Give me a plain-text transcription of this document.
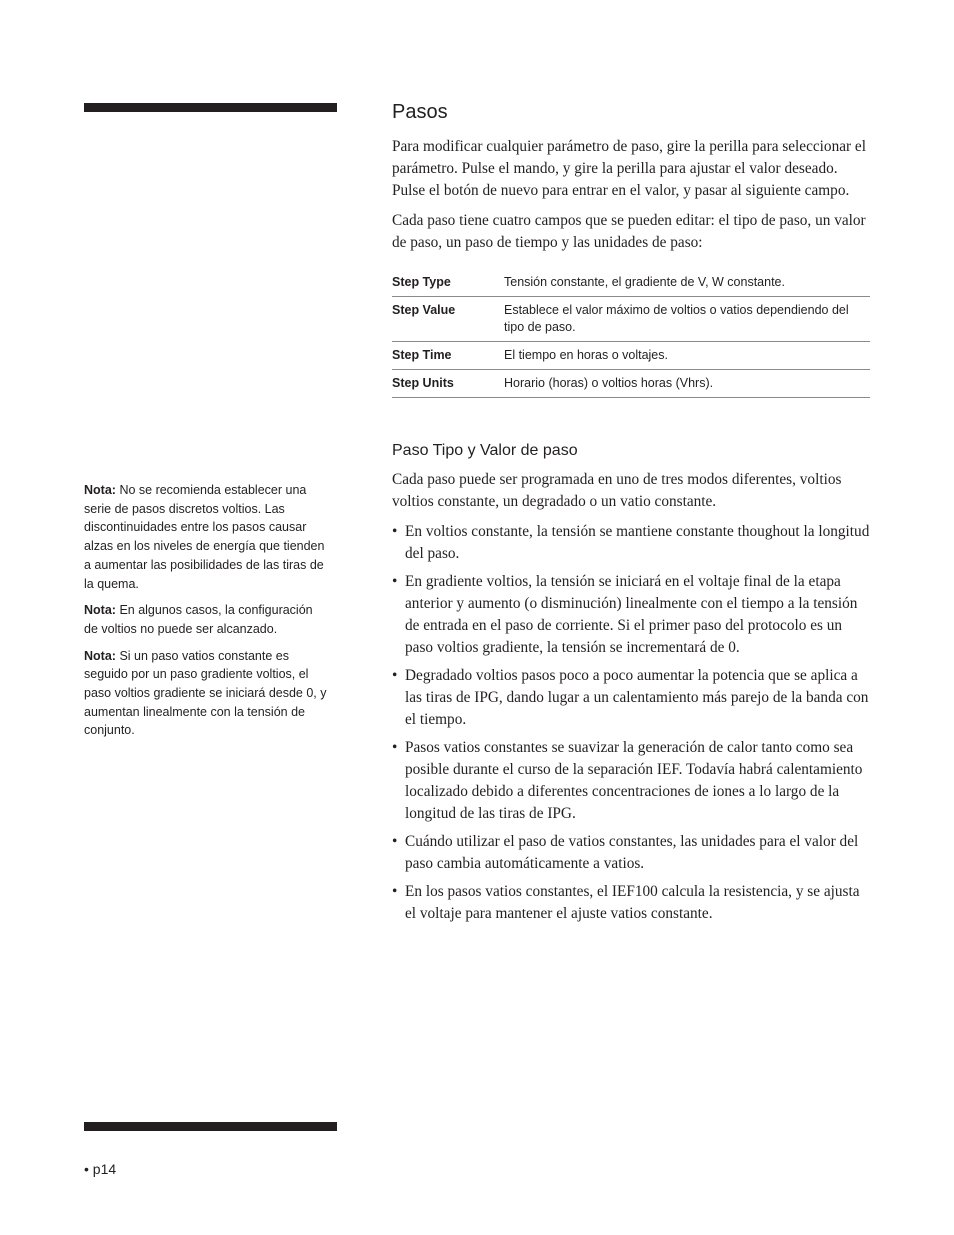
Nota: No se recomienda establecer una serie de pasos discretos voltios. Las discontinuidades entre los pasos causar alzas en los niveles de energía que tienden a aumentar las posibilidades de las tiras de la quema.

Nota: En algunos casos, la configuración de voltios no puede ser alcanzado.

Nota: Si un paso vatios constante es seguido por un paso gradiente voltios, el paso voltios gradiente se iniciará desde 0, y aumentan linealmente con la tensión de conjunto.

Pasos

Para modificar cualquier parámetro de paso, gire la perilla para seleccionar el parámetro. Pulse el mando, y gire la perilla para ajustar el valor deseado. Pulse el botón de nuevo para entrar en el valor, y pasar al siguiente campo.

Cada paso tiene cuatro campos que se pueden editar: el tipo de paso, un valor de paso, un paso de tiempo y las unidades de paso:

Step Type	Tensión constante, el gradiente de V, W constante.
Step Value	Establece el valor máximo de voltios o vatios dependiendo del tipo de paso.
Step Time	El tiempo en horas o voltajes.
Step Units	Horario (horas) o voltios horas (Vhrs).
Paso Tipo y Valor de paso

Cada paso puede ser programada en uno de tres modos diferentes, voltios voltios constante, un degradado o un vatio constante.

• En voltios constante, la tensión se mantiene constante thoughout la longitud del paso.
• En gradiente voltios, la tensión se iniciará en el voltaje final de la etapa anterior y aumento (o disminución) linealmente con el tiempo a la tensión de entrada en el paso de corriente. Si el primer paso del protocolo es un paso voltios gradiente, la tensión se incrementará de 0.
• Degradado voltios pasos poco a poco aumentar la potencia que se aplica a las tiras de IPG, dando lugar a un calentamiento más parejo de la banda con el tiempo.
• Pasos vatios constantes se suavizar la generación de calor tanto como sea posible durante el curso de la separación IEF. Todavía habrá calentamiento localizado debido a diferentes concentraciones de iones a lo largo de la longitud de las tiras de IPG.
• Cuándo utilizar el paso de vatios constantes, las unidades para el valor del paso cambia automáticamente a vatios.
• En los pasos vatios constantes, el IEF100 calcula la resistencia, y se ajusta el voltaje para mantener el ajuste vatios constante.
• p14
